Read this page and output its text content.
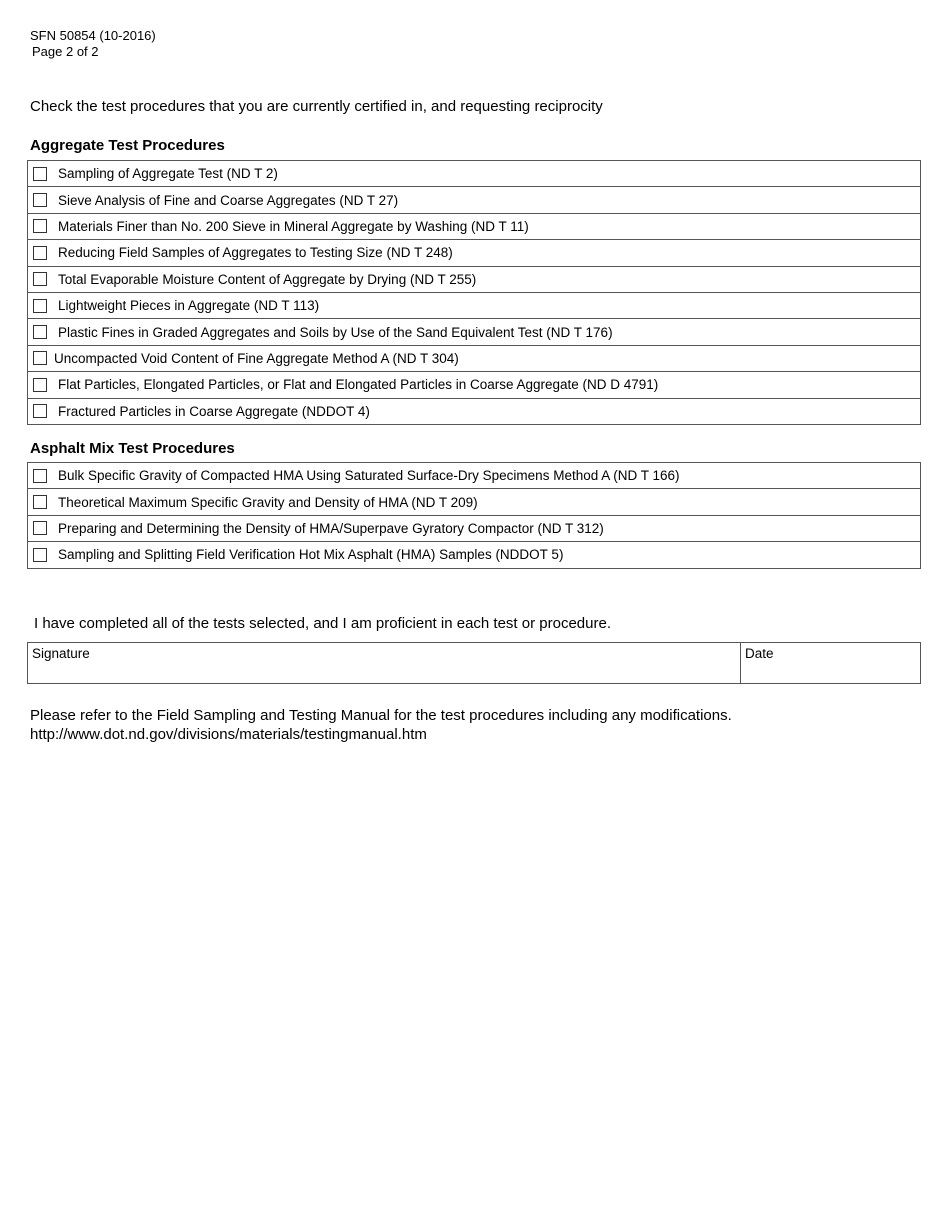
SFN 50854 (10-2016)
Page 2 of 2
Check the test procedures that you are currently certified in, and requesting reciprocity
Aggregate Test Procedures
Sampling of Aggregate Test (ND T 2)
Sieve Analysis of Fine and Coarse Aggregates (ND T 27)
Materials Finer than No. 200 Sieve in Mineral Aggregate by Washing (ND T 11)
Reducing Field Samples of Aggregates to Testing Size (ND T 248)
Total Evaporable Moisture Content of Aggregate by Drying (ND T 255)
Lightweight Pieces in Aggregate (ND T 113)
Plastic Fines in Graded Aggregates and Soils by Use of the Sand Equivalent Test (ND T 176)
Uncompacted Void Content of Fine Aggregate Method A (ND T 304)
Flat Particles, Elongated Particles, or Flat and Elongated Particles in Coarse Aggregate (ND D 4791)
Fractured Particles in Coarse Aggregate (NDDOT 4)
Asphalt Mix Test Procedures
Bulk Specific Gravity of Compacted HMA Using Saturated Surface-Dry Specimens Method A (ND T 166)
Theoretical Maximum Specific Gravity and Density of HMA (ND T 209)
Preparing and Determining the Density of HMA/Superpave Gyratory Compactor (ND T 312)
Sampling and Splitting Field Verification Hot Mix Asphalt (HMA) Samples (NDDOT 5)
I have completed all of the tests selected, and I am proficient in each test or procedure.
Signature	Date
Please refer to the Field Sampling and Testing Manual for the test procedures including any modifications.
http://www.dot.nd.gov/divisions/materials/testingmanual.htm
